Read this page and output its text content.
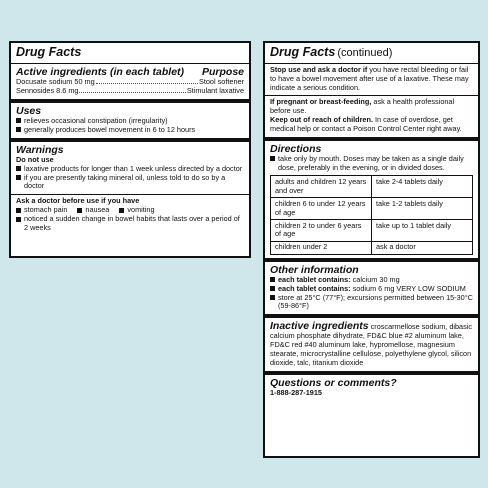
Drug Facts
Active ingredients (in each tablet) Purpose
Docusate sodium 50 mg	Stool softener
Sennosides 8.6 mg	Stimulant laxative
Uses
relieves occasional constipation (irregularity)
generally produces bowel movement in 6 to 12 hours
Warnings
Do not use
laxative products for longer than 1 week unless directed by a doctor
if you are presently taking mineral oil, unless told to do so by a doctor
Ask a doctor before use if you have
stomach pain nausea vomiting
noticed a sudden change in bowel habits that lasts over a period of 2 weeks
Drug Facts (continued)

Stop use and ask a doctor if you have rectal bleeding or fail to have a bowel movement after use of a laxative. These may indicate a serious condition.

If pregnant or breast-feeding, ask a health professional before use.

Keep out of reach of children. In case of overdose, get medical help or contact a Poison Control Center right away.

Directions
take only by mouth. Doses may be taken as a single daily dose, preferably in the evening, or in divided doses.
adults and children 12 years and over	take 2-4 tablets daily
children 6 to under 12 years of age	take 1-2 tablets daily
children 2 to under 6 years of age	take up to 1 tablet daily
children under 2	ask a doctor
Other information
each tablet contains: calcium 30 mg
each tablet contains: sodium 6 mg VERY LOW SODIUM
store at 25°C (77°F); excursions permitted between 15-30°C (59-86°F)

Inactive ingredients croscarmellose sodium, dibasic calcium phosphate dihydrate, FD&C blue #2 aluminum lake, FD&C red #40 aluminum lake, hypromellose, magnesium stearate, microcrystalline cellulose, polyethylene glycol, silicon dioxide, talc, titanium dioxide

Questions or comments?
1-888-287-1915
